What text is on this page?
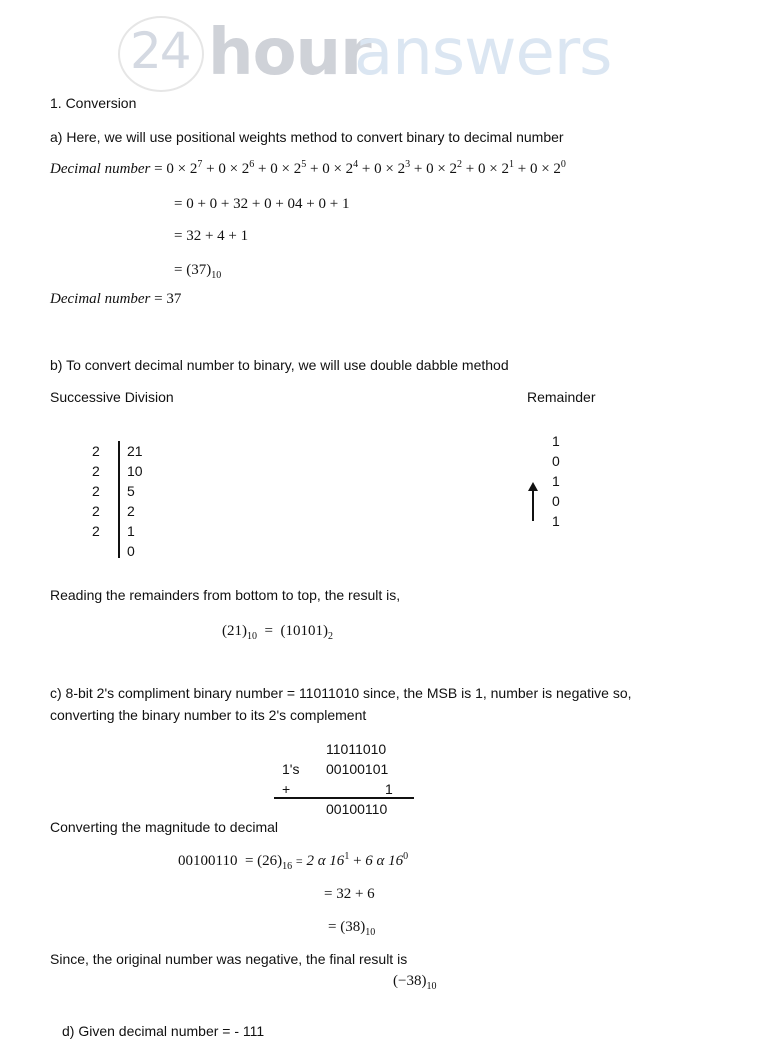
24 hour
answers
1. Conversion
a) Here, we will use positional weights method to convert binary to decimal number
Decimal number = $0 \times 2^7 + 0 \times 2^6 + 0 \times 2^5 + 0 \times 2^4 + 0 \times 2^3 + 0 \times 2^2 + 0 \times 2^1 + 0 \times 2^0$
= 0 + 0 + 32 + 0 + 04 + 0 + 1
= 32 + 4 + 1
= $(37)_{10}$
Decimal number = 37
b) To convert decimal number to binary, we will use double dabble method
Successive Division	Remainder
2
2
2
2
2
21
10
5
2
1
0
1
0
1
0
1
Reading the remainders from bottom to top, the result is,
$(21)_{10} = (10101)_2$
c) 8-bit 2's compliment binary number = 11011010 since, the MSB is 1, number is negative so,
converting the binary number to its 2's complement
11011010
1's 00100101
+	1
00100110
Converting the magnitude to decimal
$00100110 = (26)_{16} = 2$ α $16^1 + 6$ α $16^0$
= 32 + 6
= $(38)_{10}$
Since, the original number was negative, the final result is
$(-38)_{10}$
d) Given decimal number = - 111
